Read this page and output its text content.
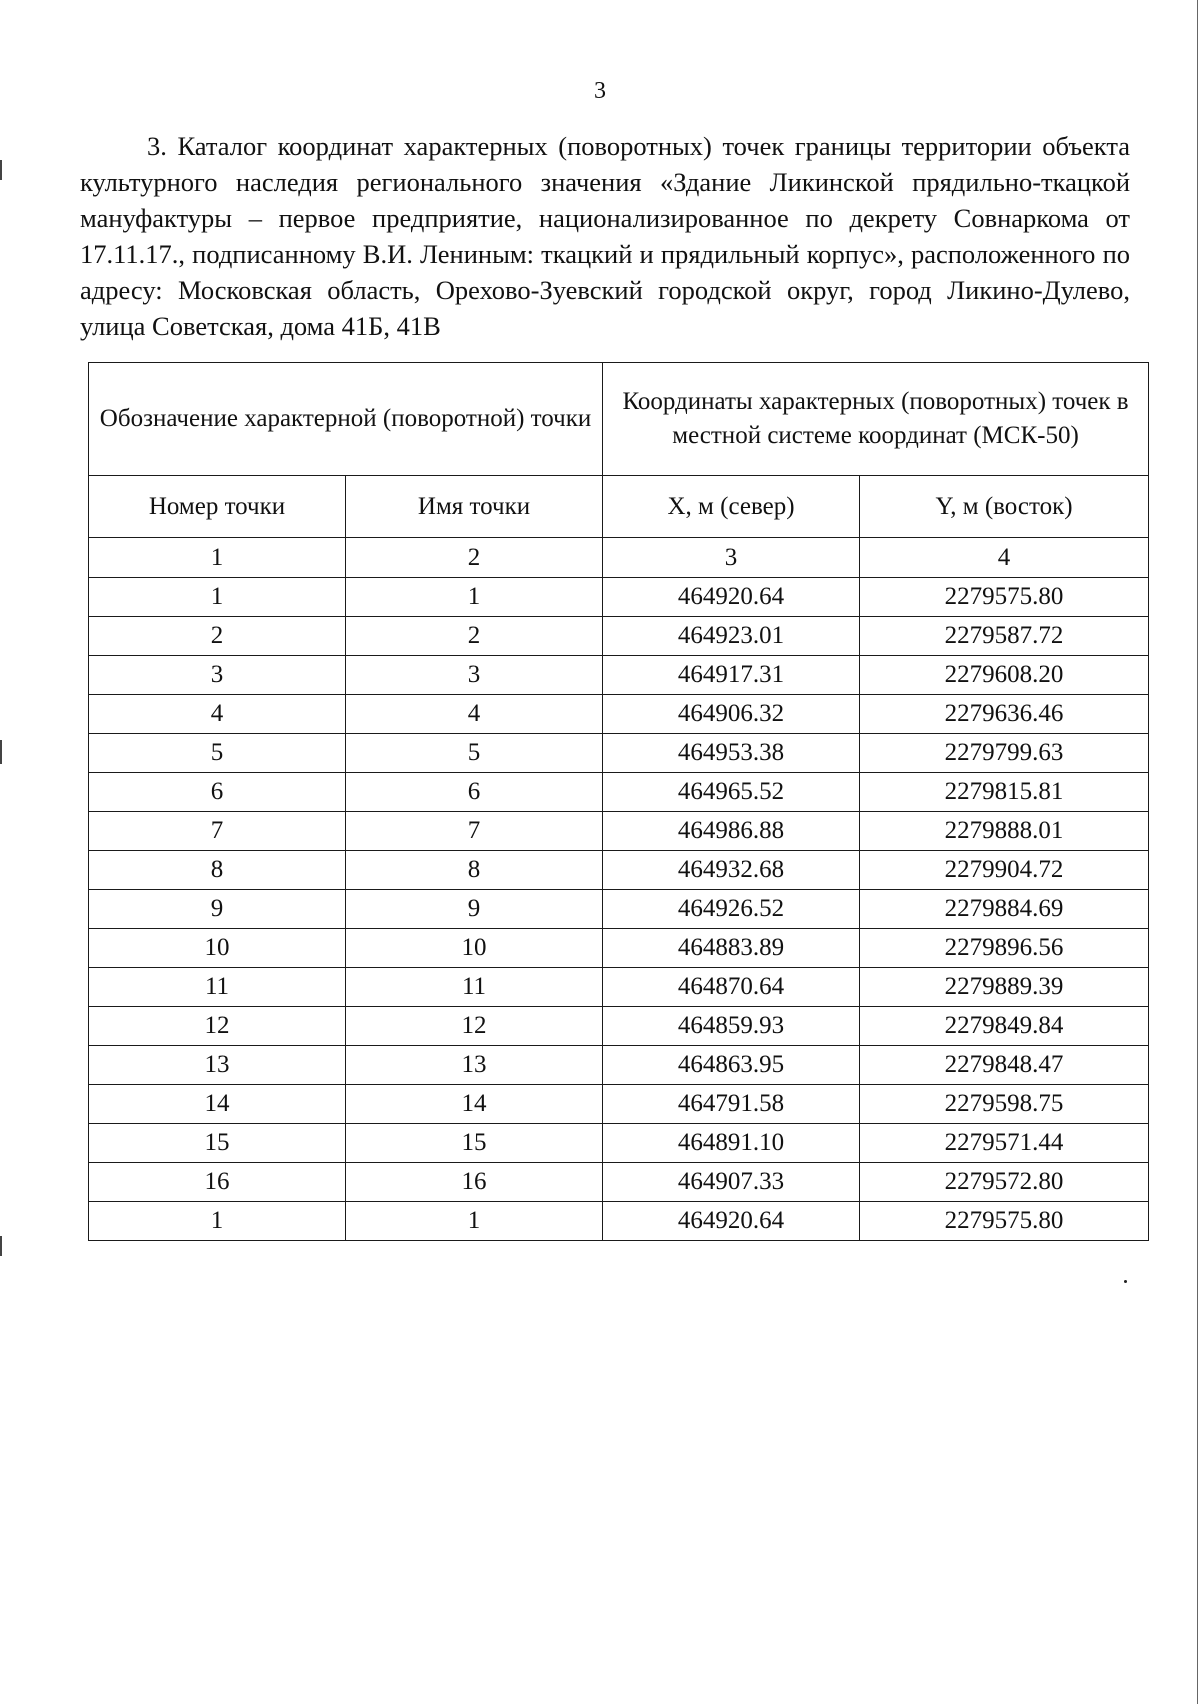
3

3. Каталог координат характерных (поворотных) точек границы территории объекта культурного наследия регионального значения «Здание Ликинской прядильно-ткацкой мануфактуры – первое предприятие, национализированное по декрету Совнаркома от 17.11.17., подписанному В.И. Лениным: ткацкий и прядильный корпус», расположенного по адресу: Московская область, Орехово-Зуевский городской округ, город Ликино-Дулево, улица Советская, дома 41Б, 41В

Обозначение характерной (поворотной) точки		Координаты характерных (поворотных) точек в местной системе координат (МСК-50)	
Номер точки	Имя точки	X, м (север)	Y, м (восток)
1	2	3	4
1	1	464920.64	2279575.80
2	2	464923.01	2279587.72
3	3	464917.31	2279608.20
4	4	464906.32	2279636.46
5	5	464953.38	2279799.63
6	6	464965.52	2279815.81
7	7	464986.88	2279888.01
8	8	464932.68	2279904.72
9	9	464926.52	2279884.69
10	10	464883.89	2279896.56
11	11	464870.64	2279889.39
12	12	464859.93	2279849.84
13	13	464863.95	2279848.47
14	14	464791.58	2279598.75
15	15	464891.10	2279571.44
16	16	464907.33	2279572.80
1	1	464920.64	2279575.80
